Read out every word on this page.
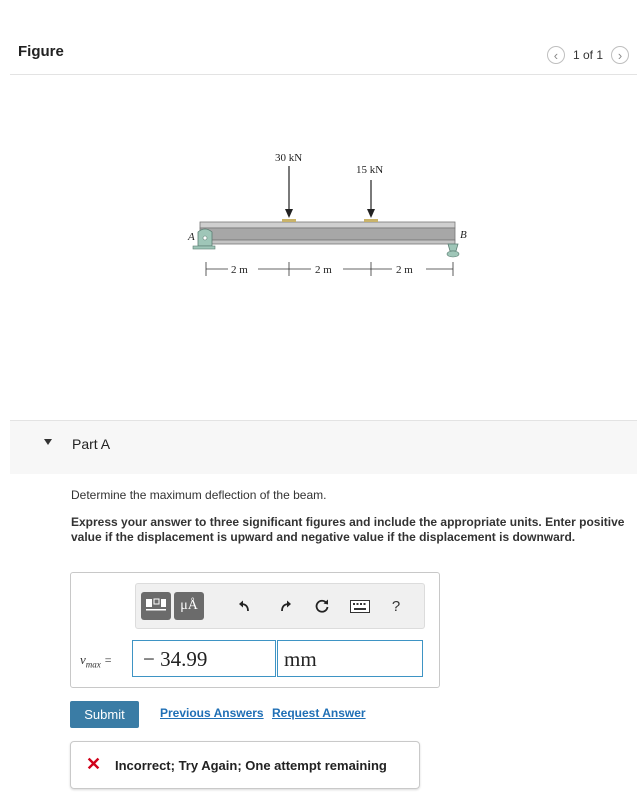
Figure	‹ 1 of 1 ›
A	B
30 kN
15 kN
2 m	2 m	2 m
Part A
Determine the maximum deflection of the beam.
Express your answer to three significant figures and include the appropriate units. Enter positive value if the displacement is upward and negative value if the displacement is downward.
μÅ	?
$v_{max}$ =	− 34.99	mm
Submit	Previous Answers Request Answer
✕ Incorrect; Try Again; One attempt remaining
